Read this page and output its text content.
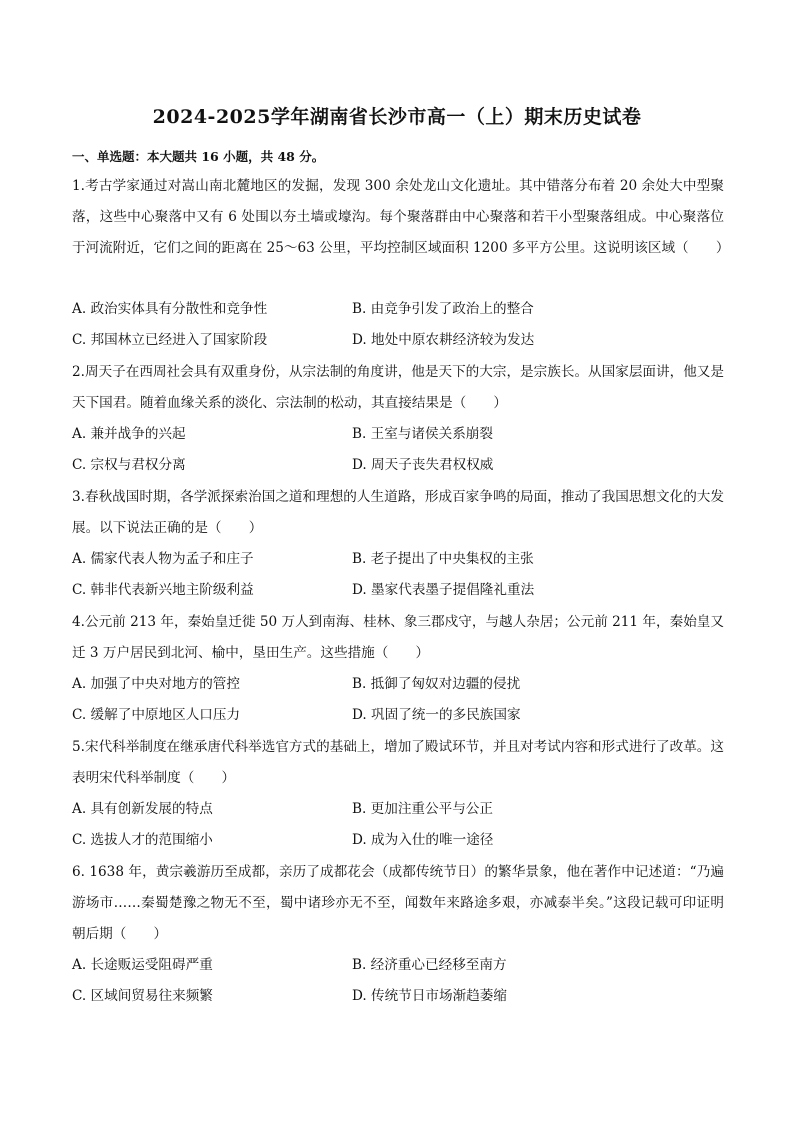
2024-2025学年湖南省长沙市高一（上）期末历史试卷
一、单选题：本大题共 16 小题，共 48 分。
1.考古学家通过对嵩山南北麓地区的发掘，发现 300 余处龙山文化遗址。其中错落分布着 20 余处大中型聚落，这些中心聚落中又有 6 处围以夯土墙或壕沟。每个聚落群由中心聚落和若干小型聚落组成。中心聚落位于河流附近，它们之间的距离在 25～63 公里，平均控制区域面积 1200 多平方公里。这说明该区域（　　）
A. 政治实体具有分散性和竞争性	B. 由竞争引发了政治上的整合
C. 邦国林立已经进入了国家阶段	D. 地处中原农耕经济较为发达
2.周天子在西周社会具有双重身份，从宗法制的角度讲，他是天下的大宗，是宗族长。从国家层面讲，他又是天下国君。随着血缘关系的淡化、宗法制的松动，其直接结果是（　　）
A. 兼并战争的兴起	B. 王室与诸侯关系崩裂
C. 宗权与君权分离	D. 周天子丧失君权权威
3.春秋战国时期，各学派探索治国之道和理想的人生道路，形成百家争鸣的局面，推动了我国思想文化的大发展。以下说法正确的是（　　）
A. 儒家代表人物为孟子和庄子	B. 老子提出了中央集权的主张
C. 韩非代表新兴地主阶级利益	D. 墨家代表墨子提倡隆礼重法
4.公元前 213 年，秦始皇迁徙 50 万人到南海、桂林、象三郡戍守，与越人杂居；公元前 211 年，秦始皇又迁 3 万户居民到北河、榆中，垦田生产。这些措施（　　）
A. 加强了中央对地方的管控	B. 抵御了匈奴对边疆的侵扰
C. 缓解了中原地区人口压力	D. 巩固了统一的多民族国家
5.宋代科举制度在继承唐代科举选官方式的基础上，增加了殿试环节，并且对考试内容和形式进行了改革。这表明宋代科举制度（　　）
A. 具有创新发展的特点	B. 更加注重公平与公正
C. 选拔人才的范围缩小	D. 成为入仕的唯一途径
6. 1638 年，黄宗羲游历至成都，亲历了成都花会（成都传统节日）的繁华景象，他在著作中记述道：“乃遍游场市……秦蜀楚豫之物无不至，蜀中诸珍亦无不至，闻数年来路途多艰，亦减泰半矣。”这段记载可印证明朝后期（　　）
A. 长途贩运受阻碍严重	B. 经济重心已经移至南方
C. 区域间贸易往来频繁	D. 传统节日市场渐趋萎缩
